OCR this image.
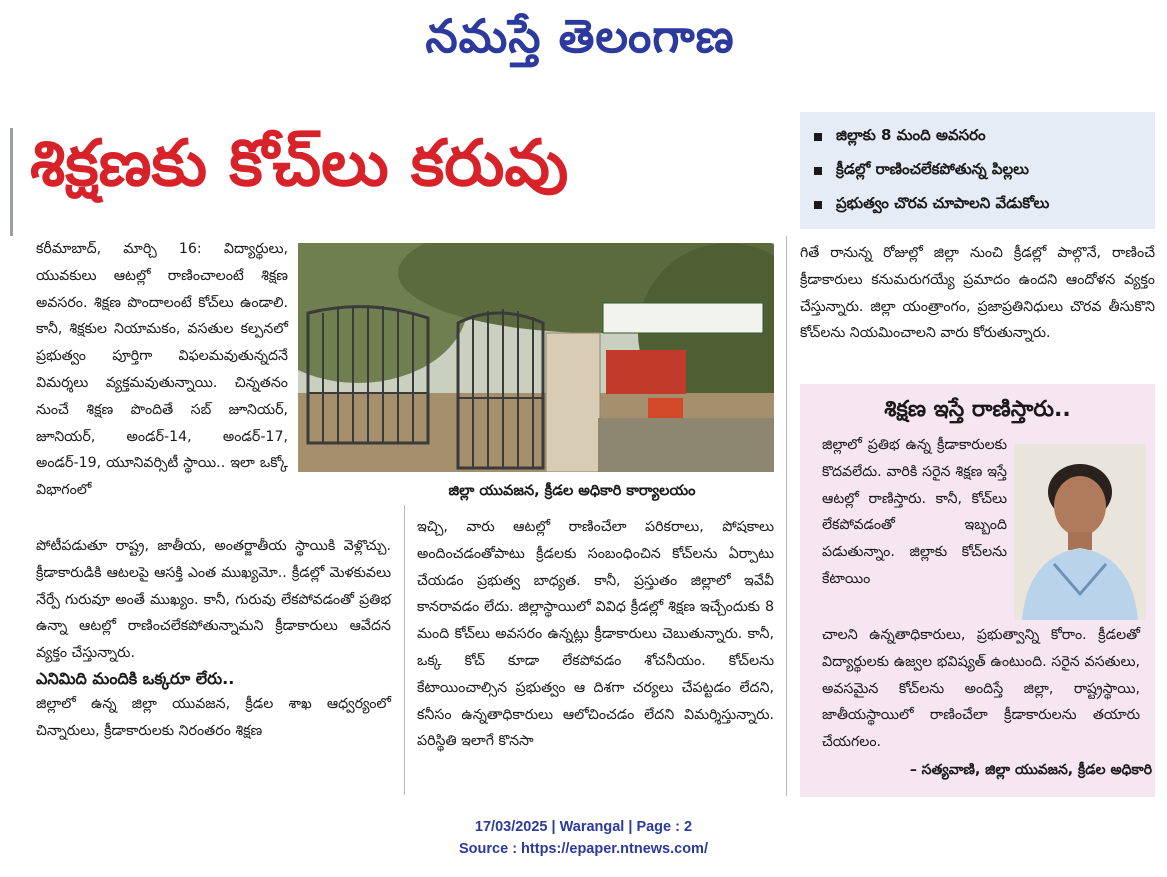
నమస్తే తెలంగాణ
శిక్షణకు కోచ్‌లు కరువు	జిల్లాకు 8 మంది అవసరం
క్రీడల్లో రాణించలేకపోతున్న పిల్లలు
ప్రభుత్వం చొరవ చూపాలని వేడుకోలు

కరీమాబాద్‌, మార్చి 16: విద్యార్థులు, యువకులు ఆటల్లో రాణించాలంటే శిక్షణ అవసరం. శిక్షణ పొందాలంటే కోచ్‌లు ఉండాలి. కానీ, శిక్షకుల నియామకం, వసతుల కల్పనలో ప్రభుత్వం పూర్తిగా విఫలమవుతున్నదనే విమర్శలు వ్యక్తమవుతున్నాయి. చిన్నతనం నుంచే శిక్షణ పొందితే సబ్‌ జూనియర్‌, జూనియర్‌, అండర్‌-14, అండర్‌-17, అండర్‌-19, యూనివర్సిటీ స్థాయి.. ఇలా ఒక్కో విభాగంలో

పోటీపడుతూ రాష్ట్ర, జాతీయ, అంతర్జాతీయ స్థాయికి వెళ్లొచ్చు. క్రీడాకారుడికి ఆటలపై ఆసక్తి ఎంత ముఖ్యమో.. క్రీడల్లో మెళకువలు నేర్పే గురువూ అంతే ముఖ్యం. కానీ, గురువు లేకపోవడంతో ప్రతిభ ఉన్నా ఆటల్లో రాణించలేకపోతున్నామని క్రీడాకారులు ఆవేదన వ్యక్తం చేస్తున్నారు.

ఎనిమిది మందికి ఒక్కరూ లేరు..

జిల్లాలో ఉన్న జిల్లా యువజన, క్రీడల శాఖ ఆధ్వర్యంలో చిన్నారులు, క్రీడాకారులకు నిరంతరం శిక్షణ

జిల్లా యువజన, క్రీడల అధికారి కార్యాలయం

ఇచ్చి, వారు ఆటల్లో రాణించేలా పరికరాలు, పోషకాలు అందించడంతోపాటు క్రీడలకు సంబంధించిన కోచ్‌లను ఏర్పాటు చేయడం ప్రభుత్వ బాధ్యత. కానీ, ప్రస్తుతం జిల్లాలో ఇవేవీ కానరావడం లేదు. జిల్లాస్థాయిలో వివిధ క్రీడల్లో శిక్షణ ఇచ్చేందుకు 8 మంది కోచ్‌లు అవసరం ఉన్నట్లు క్రీడాకారులు చెబుతున్నారు. కానీ, ఒక్క కోచ్‌ కూడా లేకపోవడం శోచనీయం. కోచ్‌లను కేటాయించాల్సిన ప్రభుత్వం ఆ దిశగా చర్యలు చేపట్టడం లేదని, కనీసం ఉన్నతాధికారులు ఆలోచించడం లేదని విమర్శిస్తున్నారు. పరిస్థితి ఇలాగే కొనసా

గితే రానున్న రోజుల్లో జిల్లా నుంచి క్రీడల్లో పాల్గొనే, రాణించే క్రీడాకారులు కనుమరుగయ్యే ప్రమాదం ఉందని ఆందోళన వ్యక్తం చేస్తున్నారు. జిల్లా యంత్రాంగం, ప్రజాప్రతినిధులు చొరవ తీసుకొని కోచ్‌లను నియమించాలని వారు కోరుతున్నారు.

శిక్షణ ఇస్తే రాణిస్తారు..

జిల్లాలో ప్రతిభ ఉన్న క్రీడాకారులకు కొదవలేదు. వారికి సరైన శిక్షణ ఇస్తే ఆటల్లో రాణిస్తారు. కానీ, కోచ్‌లు లేకపోవడంతో ఇబ్బంది పడుతున్నాం. జిల్లాకు కోచ్‌లను కేటాయిం

చాలని ఉన్నతాధికారులు, ప్రభుత్వాన్ని కోరాం. క్రీడలతో విద్యార్థులకు ఉజ్వల భవిష్యత్‌ ఉంటుంది. సరైన వసతులు, అవసమైన కోచ్‌లను అందిస్తే జిల్లా, రాష్ట్రస్థాయి, జాతీయస్థాయిలో రాణించేలా క్రీడాకారులను తయారు చేయగలం.

– సత్యవాణి, జిల్లా యువజన, క్రీడల అధికారి
17/03/2025 | Warangal | Page : 2
Source : https://epaper.ntnews.com/
